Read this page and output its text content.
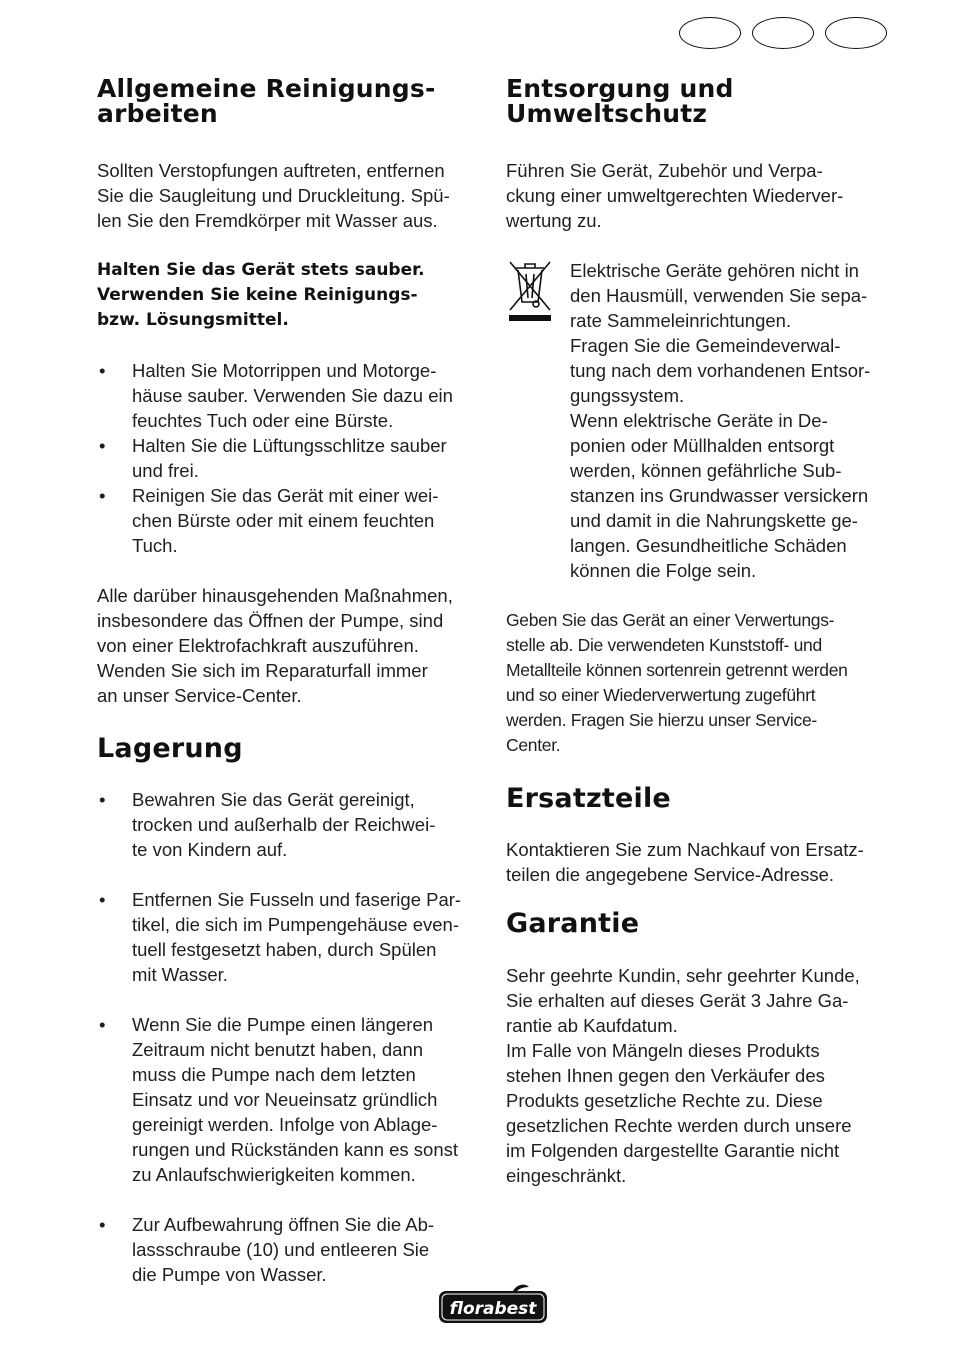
Allgemeine Reinigungs-
arbeiten

Sollten Verstopfungen auftreten, entfernen
Sie die Saugleitung und Druckleitung. Spü-
len Sie den Fremdkörper mit Wasser aus.

Halten Sie das Gerät stets sauber.
Verwenden Sie keine Reinigungs-
bzw. Lösungsmittel.

• Halten Sie Motorrippen und Motorge-
häuse sauber. Verwenden Sie dazu ein
feuchtes Tuch oder eine Bürste.
• Halten Sie die Lüftungsschlitze sauber
und frei.
• Reinigen Sie das Gerät mit einer wei-
chen Bürste oder mit einem feuchten
Tuch.

Alle darüber hinausgehenden Maßnahmen,
insbesondere das Öffnen der Pumpe, sind
von einer Elektrofachkraft auszuführen.
Wenden Sie sich im Reparaturfall immer
an unser Service-Center.

Lagerung
• Bewahren Sie das Gerät gereinigt,
trocken und außerhalb der Reichwei-
te von Kindern auf.
• Entfernen Sie Fusseln und faserige Par-
tikel, die sich im Pumpengehäuse even-
tuell festgesetzt haben, durch Spülen
mit Wasser.
• Wenn Sie die Pumpe einen längeren
Zeitraum nicht benutzt haben, dann
muss die Pumpe nach dem letzten
Einsatz und vor Neueinsatz gründlich
gereinigt werden. Infolge von Ablage-
rungen und Rückständen kann es sonst
zu Anlaufschwierigkeiten kommen.
• Zur Aufbewahrung öffnen Sie die Ab-
lassschraube (10) und entleeren Sie
die Pumpe von Wasser.
Entsorgung und
Umweltschutz

Führen Sie Gerät, Zubehör und Verpa-
ckung einer umweltgerechten Wiederver-
wertung zu.

Elektrische Geräte gehören nicht in
den Hausmüll, verwenden Sie sepa-
rate Sammeleinrichtungen.
Fragen Sie die Gemeindeverwal-
tung nach dem vorhandenen Entsor-
gungssystem.
Wenn elektrische Geräte in De-
ponien oder Müllhalden entsorgt
werden, können gefährliche Sub-
stanzen ins Grundwasser versickern
und damit in die Nahrungskette ge-
langen. Gesundheitliche Schäden
können die Folge sein.

Geben Sie das Gerät an einer Verwertungs-
stelle ab. Die verwendeten Kunststoff- und
Metallteile können sortenrein getrennt werden
und so einer Wiederverwertung zugeführt
werden. Fragen Sie hierzu unser Service-
Center.

Ersatzteile

Kontaktieren Sie zum Nachkauf von Ersatz-
teilen die angegebene Service-Adresse.

Garantie

Sehr geehrte Kundin, sehr geehrter Kunde,
Sie erhalten auf dieses Gerät 3 Jahre Ga-
rantie ab Kaufdatum.
Im Falle von Mängeln dieses Produkts
stehen Ihnen gegen den Verkäufer des
Produkts gesetzliche Rechte zu. Diese
gesetzlichen Rechte werden durch unsere
im Folgenden dargestellte Garantie nicht
eingeschränkt.

florabest
